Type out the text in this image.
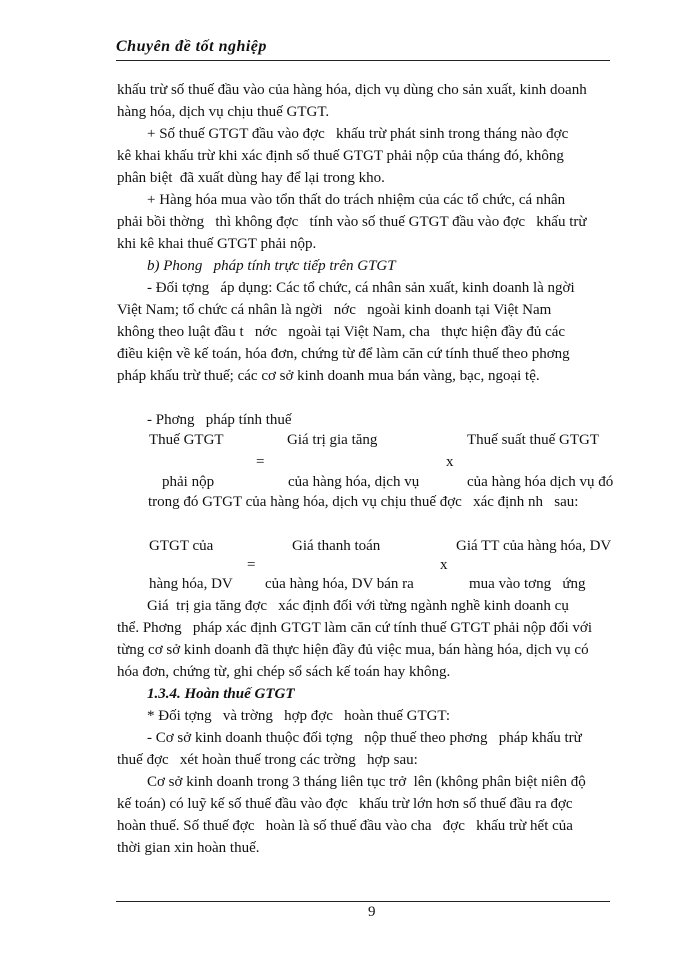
Chuyên đề tốt nghiệp
khấu trừ số thuế đầu vào của hàng hóa, dịch vụ dùng cho sản xuất, kinh doanh
hàng hóa, dịch vụ chịu thuế GTGT.
+ Số thuế GTGT đầu vào đợc   khấu trừ phát sinh trong tháng nào đợc
kê khai khấu trừ khi xác định số thuế GTGT phải nộp của tháng đó, không
phân biệt  đã xuất dùng hay để lại trong kho.
+ Hàng hóa mua vào tổn thất do trách nhiệm của các tổ chức, cá nhân
phải bồi thờng   thì không đợc   tính vào số thuế GTGT đầu vào đợc   khấu trừ
khi kê khai thuế GTGT phải nộp.
b) Phong   pháp tính trực tiếp trên GTGT
- Đối tợng   áp dụng: Các tổ chức, cá nhân sản xuất, kinh doanh là ngời
Việt Nam; tổ chức cá nhân là ngời   nớc   ngoài kinh doanh tại Việt Nam
không theo luật đầu t   nớc   ngoài tại Việt Nam, cha   thực hiện đầy đủ các
điều kiện về kế toán, hóa đơn, chứng từ để làm căn cứ tính thuế theo phơng
pháp khấu trừ thuế; các cơ sở kinh doanh mua bán vàng, bạc, ngoại tệ.
- Phơng   pháp tính thuế
Thuế GTGT
phải nộp
=
Giá trị gia tăng
của hàng hóa, dịch vụ
x
Thuế suất thuế GTGT
của hàng hóa dịch vụ đó
trong đó GTGT của hàng hóa, dịch vụ chịu thuế đợc   xác định nh   sau:
GTGT của
hàng hóa, DV
=
Giá thanh toán
của hàng hóa, DV bán ra
x
Giá TT của hàng hóa, DV
mua vào tơng   ứng
Giá  trị gia tăng đợc   xác định đối với từng ngành nghề kinh doanh cụ
thể. Phơng   pháp xác định GTGT làm căn cứ tính thuế GTGT phải nộp đối với
từng cơ sở kinh doanh đã thực hiện đầy đủ việc mua, bán hàng hóa, dịch vụ có
hóa đơn, chứng từ, ghi chép sổ sách kế toán hay không.
1.3.4. Hoàn thuế GTGT
* Đối tợng   và trờng   hợp đợc   hoàn thuế GTGT:
- Cơ sở kinh doanh thuộc đối tợng   nộp thuế theo phơng   pháp khấu trừ
thuế đợc   xét hoàn thuế trong các trờng   hợp sau:
Cơ sở kinh doanh trong 3 tháng liên tục trở  lên (không phân biệt niên độ
kế toán) có luỹ kế số thuế đầu vào đợc   khấu trừ lớn hơn số thuế đầu ra đợc
hoàn thuế. Số thuế đợc   hoàn là số thuế đầu vào cha   đợc   khấu trừ hết của
thời gian xin hoàn thuế.
9
